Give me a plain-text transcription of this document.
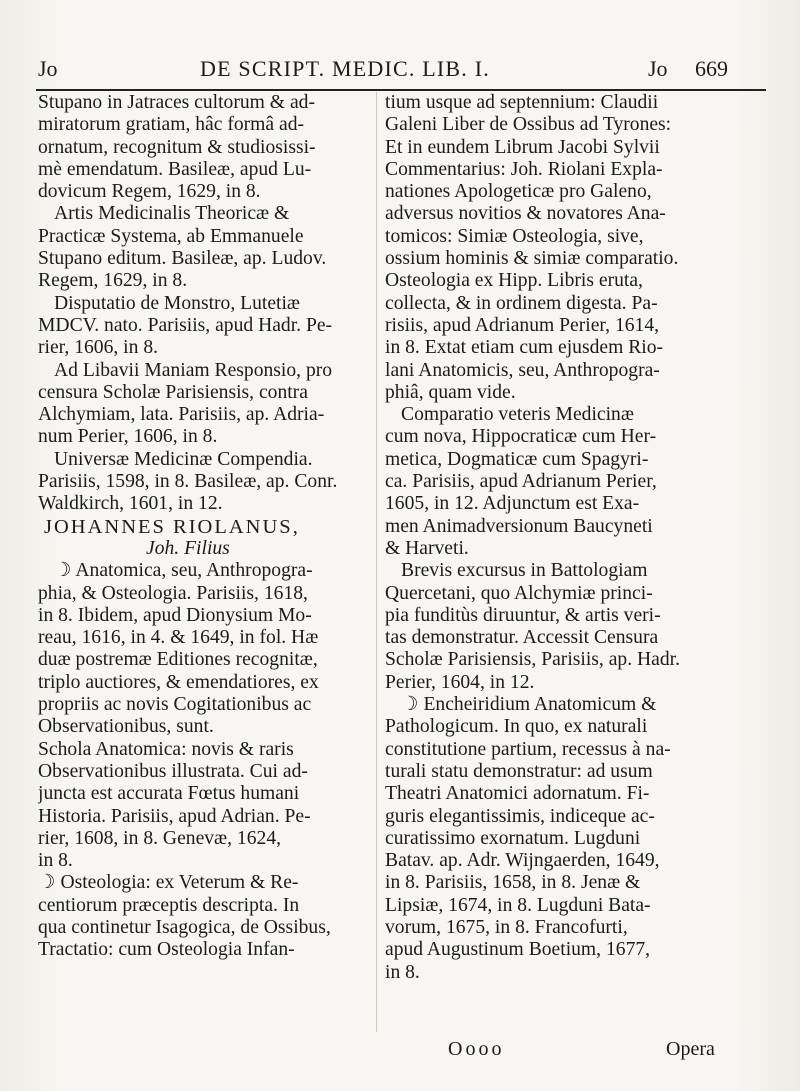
Jo	DE SCRIPT. MEDIC. LIB. I.	Jo 669
Stupano in Jatraces cultorum & ad-
miratorum gratiam, hâc formâ ad-
ornatum, recognitum & studiosissi-
mè emendatum. Basileæ, apud Lu-
dovicum Regem, 1629, in 8.
Artis Medicinalis Theoricæ &
Practicæ Systema, ab Emmanuele
Stupano editum. Basileæ, ap. Ludov.
Regem, 1629, in 8.
Disputatio de Monstro, Lutetiæ
MDCV. nato. Parisiis, apud Hadr. Pe-
rier, 1606, in 8.
Ad Libavii Maniam Responsio, pro
censura Scholæ Parisiensis, contra
Alchymiam, lata. Parisiis, ap. Adria-
num Perier, 1606, in 8.
Universæ Medicinæ Compendia.
Parisiis, 1598, in 8. Basileæ, ap. Conr.
Waldkirch, 1601, in 12.
JOHANNES RIOLANUS,
Joh. Filius
☽ Anatomica, seu, Anthropogra-
phia, & Osteologia. Parisiis, 1618,
in 8. Ibidem, apud Dionysium Mo-
reau, 1616, in 4. & 1649, in fol. Hæ
duæ postremæ Editiones recognitæ,
triplo auctiores, & emendatiores, ex
propriis ac novis Cogitationibus ac
Observationibus, sunt.
Schola Anatomica: novis & raris
Observationibus illustrata. Cui ad-
juncta est accurata Fœtus humani
Historia. Parisiis, apud Adrian. Pe-
rier, 1608, in 8. Genevæ, 1624,
in 8.
☽ Osteologia: ex Veterum & Re-
centiorum præceptis descripta. In
qua continetur Isagogica, de Ossibus,
Tractatio: cum Osteologia Infan-
tium usque ad septennium: Claudii
Galeni Liber de Ossibus ad Tyrones:
Et in eundem Librum Jacobi Sylvii
Commentarius: Joh. Riolani Expla-
nationes Apologeticæ pro Galeno,
adversus novitios & novatores Ana-
tomicos: Simiæ Osteologia, sive,
ossium hominis & simiæ comparatio.
Osteologia ex Hipp. Libris eruta,
collecta, & in ordinem digesta. Pa-
risiis, apud Adrianum Perier, 1614,
in 8. Extat etiam cum ejusdem Rio-
lani Anatomicis, seu, Anthropogra-
phiâ, quam vide.
Comparatio veteris Medicinæ
cum nova, Hippocraticæ cum Her-
metica, Dogmaticæ cum Spagyri-
ca. Parisiis, apud Adrianum Perier,
1605, in 12. Adjunctum est Exa-
men Animadversionum Baucyneti
& Harveti.
Brevis excursus in Battologiam
Quercetani, quo Alchymiæ princi-
pia funditùs diruuntur, & artis veri-
tas demonstratur. Accessit Censura
Scholæ Parisiensis, Parisiis, ap. Hadr.
Perier, 1604, in 12.
☽ Encheiridium Anatomicum &
Pathologicum. In quo, ex naturali
constitutione partium, recessus à na-
turali statu demonstratur: ad usum
Theatri Anatomici adornatum. Fi-
guris elegantissimis, indiceque ac-
curatissimo exornatum. Lugduni
Batav. ap. Adr. Wijngaerden, 1649,
in 8. Parisiis, 1658, in 8. Jenæ &
Lipsiæ, 1674, in 8. Lugduni Bata-
vorum, 1675, in 8. Francofurti,
apud Augustinum Boetium, 1677,
in 8.
Oooo	Opera
